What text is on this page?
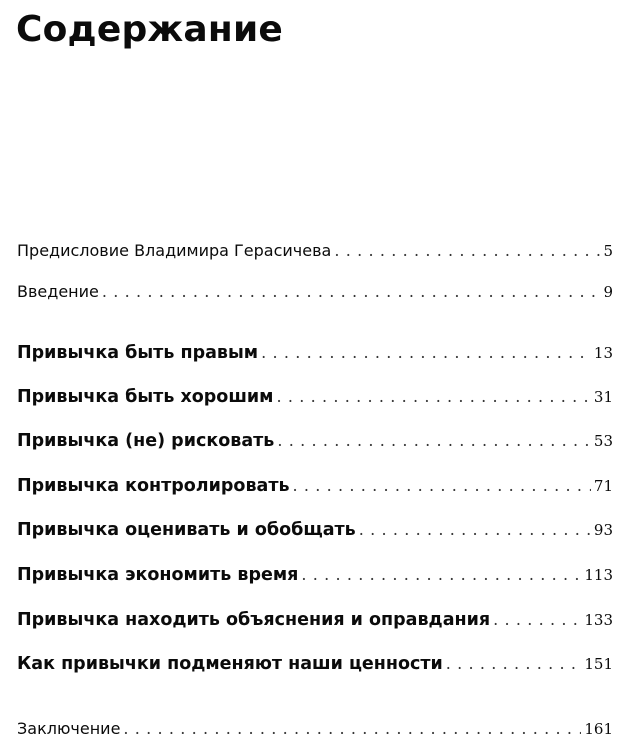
Содержание
Предисловие Владимира Герасичева . . .	5
Введение . . .	9
Привычка быть правым . . .	13
Привычка быть хорошим . . .	31
Привычка (не) рисковать . . .	53
Привычка контролировать . . .	71
Привычка оценивать и обобщать . . .	93
Привычка экономить время . . .	113
Привычка находить объяснения и оправдания . . .	133
Как привычки подменяют наши ценности . . .	151
Заключение . . .	161
